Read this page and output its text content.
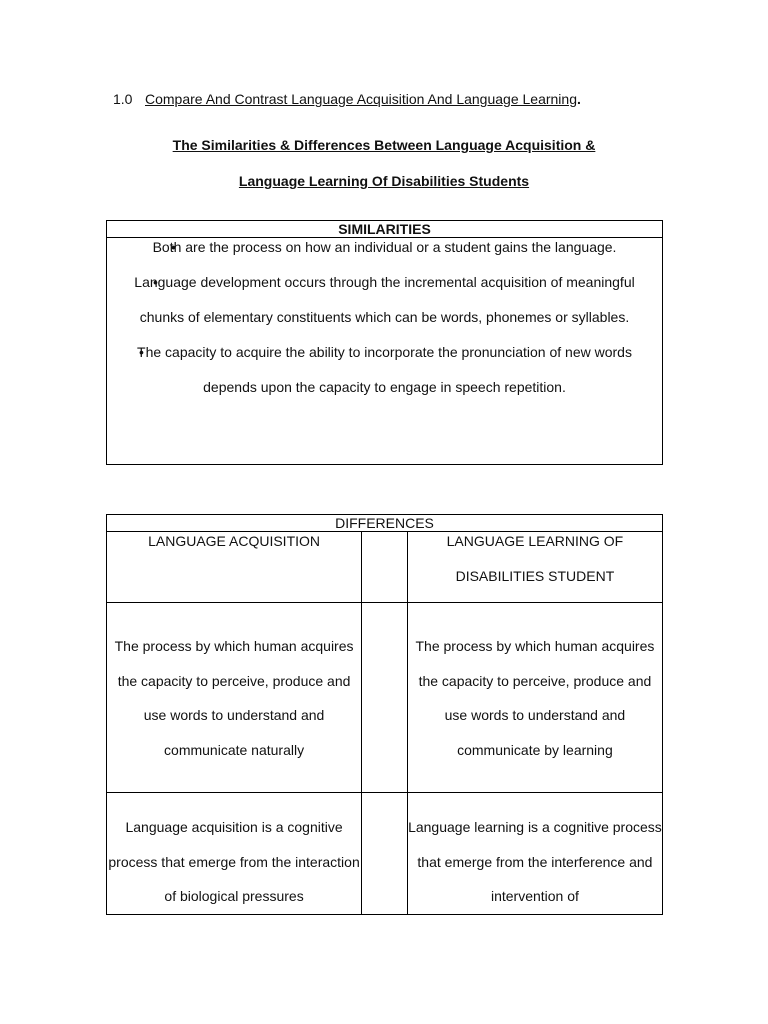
1.0 Compare And Contrast Language Acquisition And Language Learning.
The Similarities & Differences Between Language Acquisition &
Language Learning Of Disabilities Students
SIMILARITIES

• Both are the process on how an individual or a student gains the language.
• Language development occurs through the incremental acquisition of meaningful chunks of elementary constituents which can be words, phonemes or syllables.
• The capacity to acquire the ability to incorporate the pronunciation of new words depends upon the capacity to engage in speech repetition.
DIFFERENCES		

LANGUAGE ACQUISITION		LANGUAGE LEARNING OF DISABILITIES STUDENT

The process by which human acquires the capacity to perceive, produce and use words to understand and communicate naturally		The process by which human acquires the capacity to perceive, produce and use words to understand and communicate by learning

Language acquisition is a cognitive process that emerge from the interaction of biological pressures		Language learning is a cognitive process that emerge from the interference and intervention of
